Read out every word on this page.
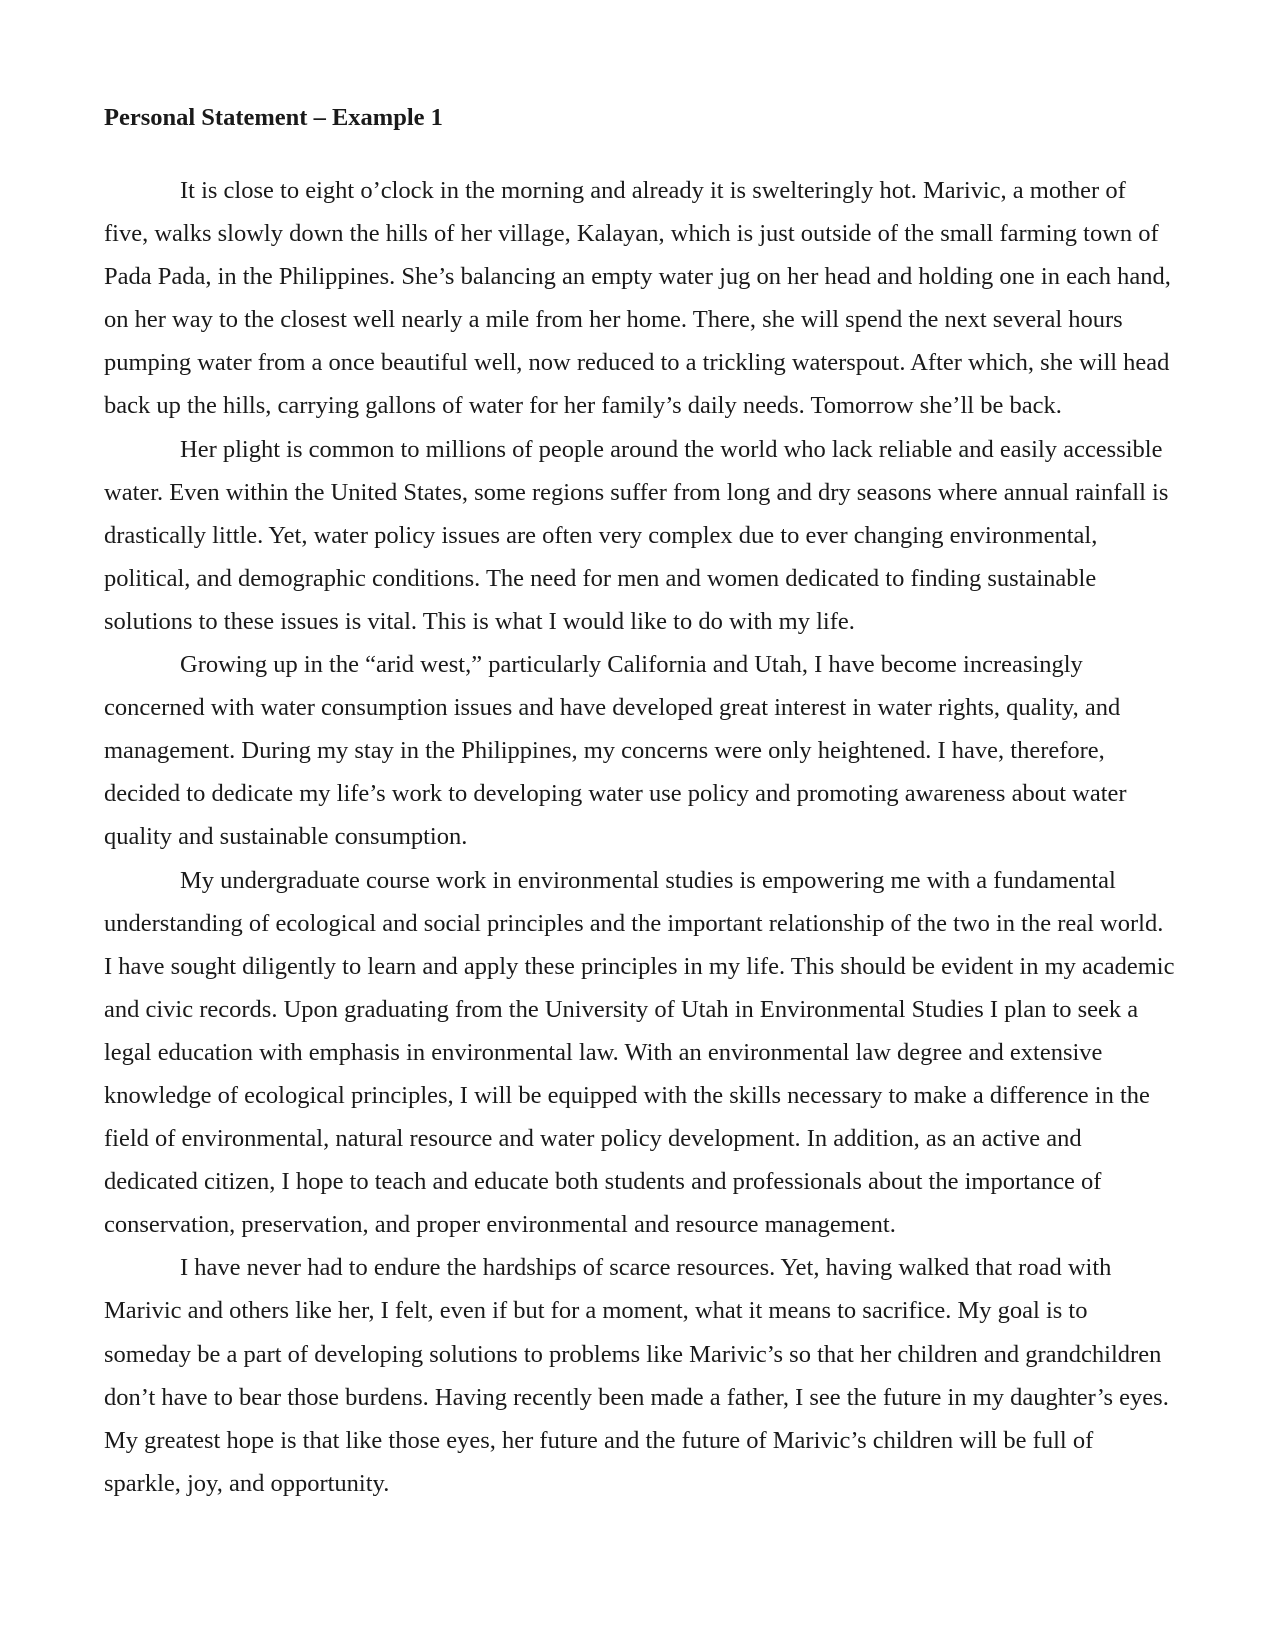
Personal Statement – Example 1

It is close to eight o’clock in the morning and already it is swelteringly hot. Marivic, a mother of five, walks slowly down the hills of her village, Kalayan, which is just outside of the small farming town of Pada Pada, in the Philippines. She’s balancing an empty water jug on her head and holding one in each hand, on her way to the closest well nearly a mile from her home. There, she will spend the next several hours pumping water from a once beautiful well, now reduced to a trickling waterspout. After which, she will head back up the hills, carrying gallons of water for her family’s daily needs. Tomorrow she’ll be back.

Her plight is common to millions of people around the world who lack reliable and easily accessible water. Even within the United States, some regions suffer from long and dry seasons where annual rainfall is drastically little. Yet, water policy issues are often very complex due to ever changing environmental, political, and demographic conditions. The need for men and women dedicated to finding sustainable solutions to these issues is vital. This is what I would like to do with my life.

Growing up in the “arid west,” particularly California and Utah, I have become increasingly concerned with water consumption issues and have developed great interest in water rights, quality, and management. During my stay in the Philippines, my concerns were only heightened. I have, therefore, decided to dedicate my life’s work to developing water use policy and promoting awareness about water quality and sustainable consumption.

My undergraduate course work in environmental studies is empowering me with a fundamental understanding of ecological and social principles and the important relationship of the two in the real world. I have sought diligently to learn and apply these principles in my life. This should be evident in my academic and civic records. Upon graduating from the University of Utah in Environmental Studies I plan to seek a legal education with emphasis in environmental law. With an environmental law degree and extensive knowledge of ecological principles, I will be equipped with the skills necessary to make a difference in the field of environmental, natural resource and water policy development. In addition, as an active and dedicated citizen, I hope to teach and educate both students and professionals about the importance of conservation, preservation, and proper environmental and resource management.

I have never had to endure the hardships of scarce resources. Yet, having walked that road with Marivic and others like her, I felt, even if but for a moment, what it means to sacrifice. My goal is to someday be a part of developing solutions to problems like Marivic’s so that her children and grandchildren don’t have to bear those burdens. Having recently been made a father, I see the future in my daughter’s eyes. My greatest hope is that like those eyes, her future and the future of Marivic’s children will be full of sparkle, joy, and opportunity.
